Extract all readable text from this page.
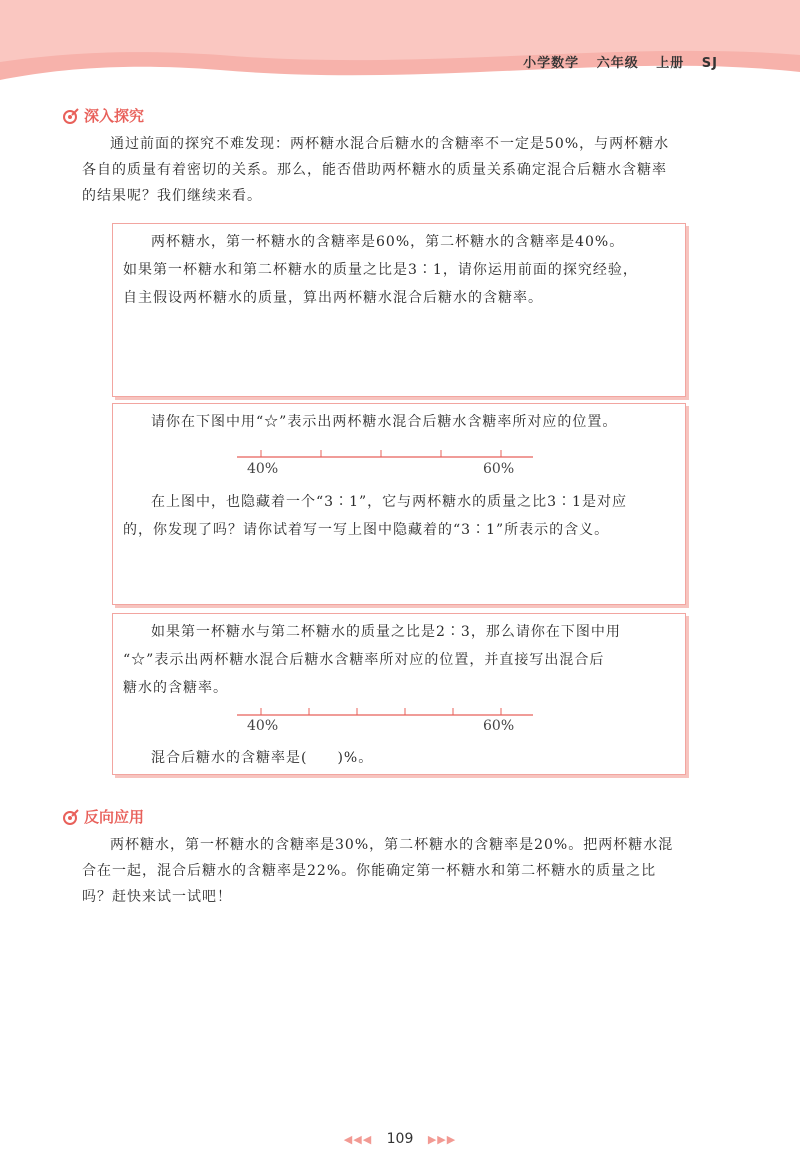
小学数学 六年级 上册 SJ
深入探究
通过前面的探究不难发现：两杯糖水混合后糖水的含糖率不一定是50%，与两杯糖水
各自的质量有着密切的关系。那么，能否借助两杯糖水的质量关系确定混合后糖水含糖率
的结果呢？我们继续来看。

两杯糖水，第一杯糖水的含糖率是60%，第二杯糖水的含糖率是40%。

如果第一杯糖水和第二杯糖水的质量之比是3∶1，请你运用前面的探究经验，

自主假设两杯糖水的质量，算出两杯糖水混合后糖水的含糖率。

请你在下图中用“☆”表示出两杯糖水混合后糖水含糖率所对应的位置。

40%	60%

在上图中，也隐藏着一个“3∶1”，它与两杯糖水的质量之比3∶1是对应

的，你发现了吗？请你试着写一写上图中隐藏着的“3∶1”所表示的含义。

如果第一杯糖水与第二杯糖水的质量之比是2∶3，那么请你在下图中用

“☆”表示出两杯糖水混合后糖水含糖率所对应的位置，并直接写出混合后

糖水的含糖率。

40%	60%

混合后糖水的含糖率是(　　)%。

反向应用
两杯糖水，第一杯糖水的含糖率是30%，第二杯糖水的含糖率是20%。把两杯糖水混
合在一起，混合后糖水的含糖率是22%。你能确定第一杯糖水和第二杯糖水的质量之比
吗？赶快来试一试吧！
◀◀◀ 109 ▶▶▶
